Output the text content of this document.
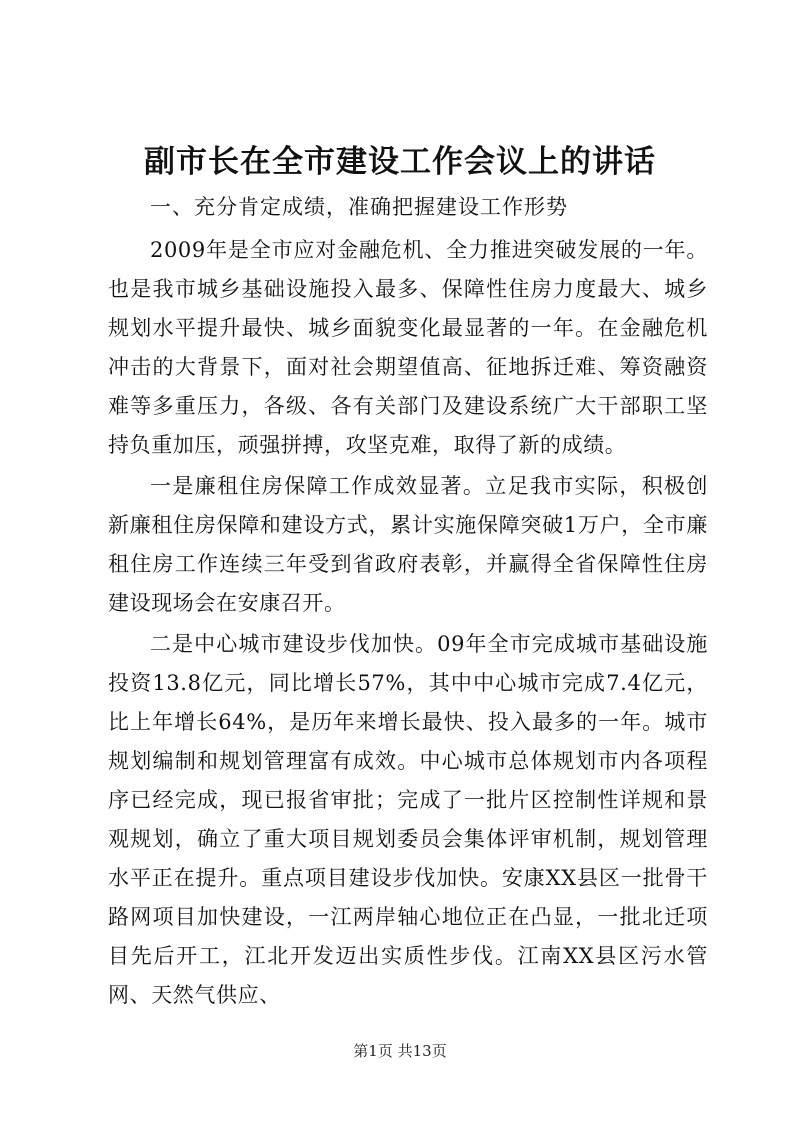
副市长在全市建设工作会议上的讲话

一、充分肯定成绩，准确把握建设工作形势

2009年是全市应对金融危机、全力推进突破发展的一年。也是我市城乡基础设施投入最多、保障性住房力度最大、城乡规划水平提升最快、城乡面貌变化最显著的一年。在金融危机冲击的大背景下，面对社会期望值高、征地拆迁难、筹资融资难等多重压力，各级、各有关部门及建设系统广大干部职工坚持负重加压，顽强拼搏，攻坚克难，取得了新的成绩。

一是廉租住房保障工作成效显著。立足我市实际，积极创新廉租住房保障和建设方式，累计实施保障突破1万户，全市廉租住房工作连续三年受到省政府表彰，并赢得全省保障性住房建设现场会在安康召开。

二是中心城市建设步伐加快。09年全市完成城市基础设施投资13.8亿元，同比增长57%，其中中心城市完成7.4亿元，比上年增长64%，是历年来增长最快、投入最多的一年。城市规划编制和规划管理富有成效。中心城市总体规划市内各项程序已经完成，现已报省审批；完成了一批片区控制性详规和景观规划，确立了重大项目规划委员会集体评审机制，规划管理水平正在提升。重点项目建设步伐加快。安康XX县区一批骨干路网项目加快建设，一江两岸轴心地位正在凸显，一批北迁项目先后开工，江北开发迈出实质性步伐。江南XX县区污水管网、天然气供应、

第1页 共13页
